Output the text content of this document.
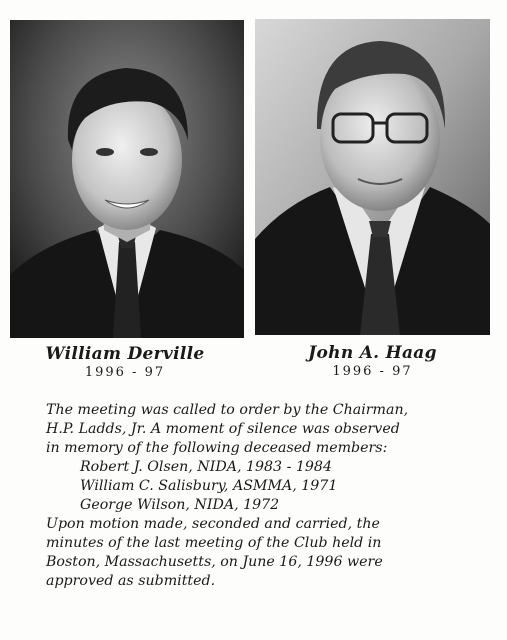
William Derville
1996 - 97
John A. Haag
1996 - 97
The meeting was called to order by the Chairman,
H.P. Ladds, Jr. A moment of silence was observed
in memory of the following deceased members:
Robert J. Olsen, NIDA, 1983 - 1984
William C. Salisbury, ASMMA, 1971
George Wilson, NIDA, 1972
Upon motion made, seconded and carried, the
minutes of the last meeting of the Club held in
Boston, Massachusetts, on June 16, 1996 were
approved as submitted.
